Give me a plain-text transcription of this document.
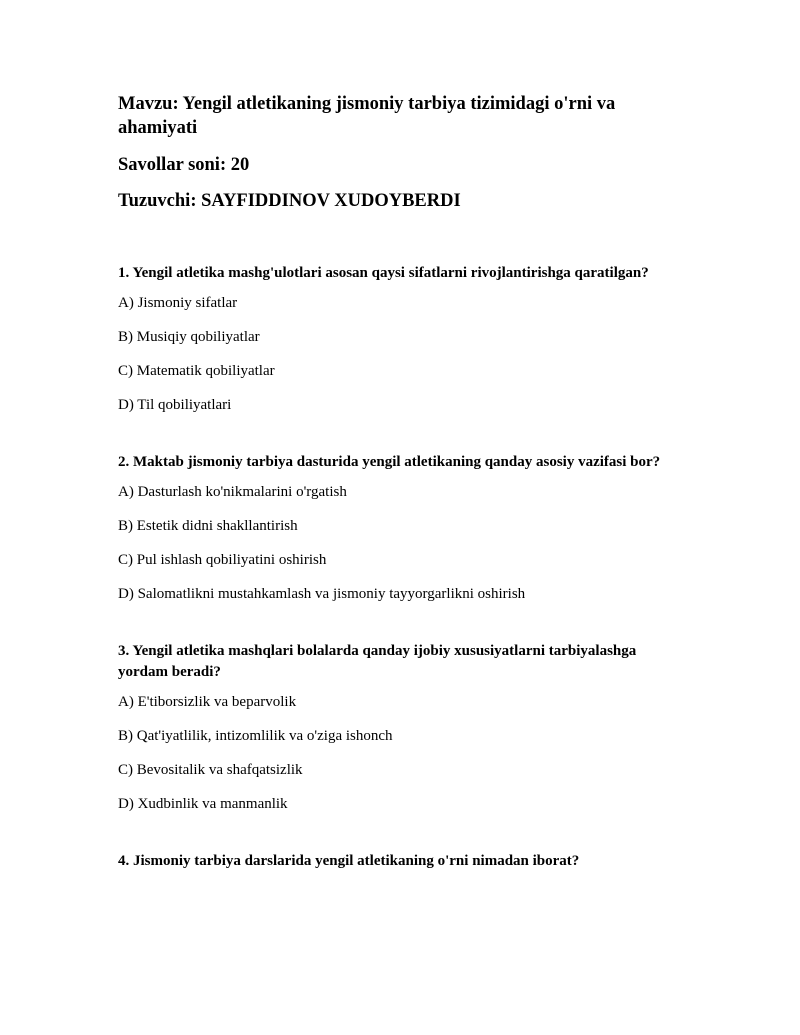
Mavzu: Yengil atletikaning jismoniy tarbiya tizimidagi o'rni va ahamiyati
Savollar soni: 20
Tuzuvchi: SAYFIDDINOV XUDOYBERDI
1. Yengil atletika mashg'ulotlari asosan qaysi sifatlarni rivojlantirishga qaratilgan?
A) Jismoniy sifatlar
B) Musiqiy qobiliyatlar
C) Matematik qobiliyatlar
D) Til qobiliyatlari
2. Maktab jismoniy tarbiya dasturida yengil atletikaning qanday asosiy vazifasi bor?
A) Dasturlash ko'nikmalarini o'rgatish
B) Estetik didni shakllantirish
C) Pul ishlash qobiliyatini oshirish
D) Salomatlikni mustahkamlash va jismoniy tayyorgarlikni oshirish
3. Yengil atletika mashqlari bolalarda qanday ijobiy xususiyatlarni tarbiyalashga yordam beradi?
A) E'tiborsizlik va beparvolik
B) Qat'iyatlilik, intizomlilik va o'ziga ishonch
C) Bevositalik va shafqatsizlik
D) Xudbinlik va manmanlik
4. Jismoniy tarbiya darslarida yengil atletikaning o'rni nimadan iborat?
